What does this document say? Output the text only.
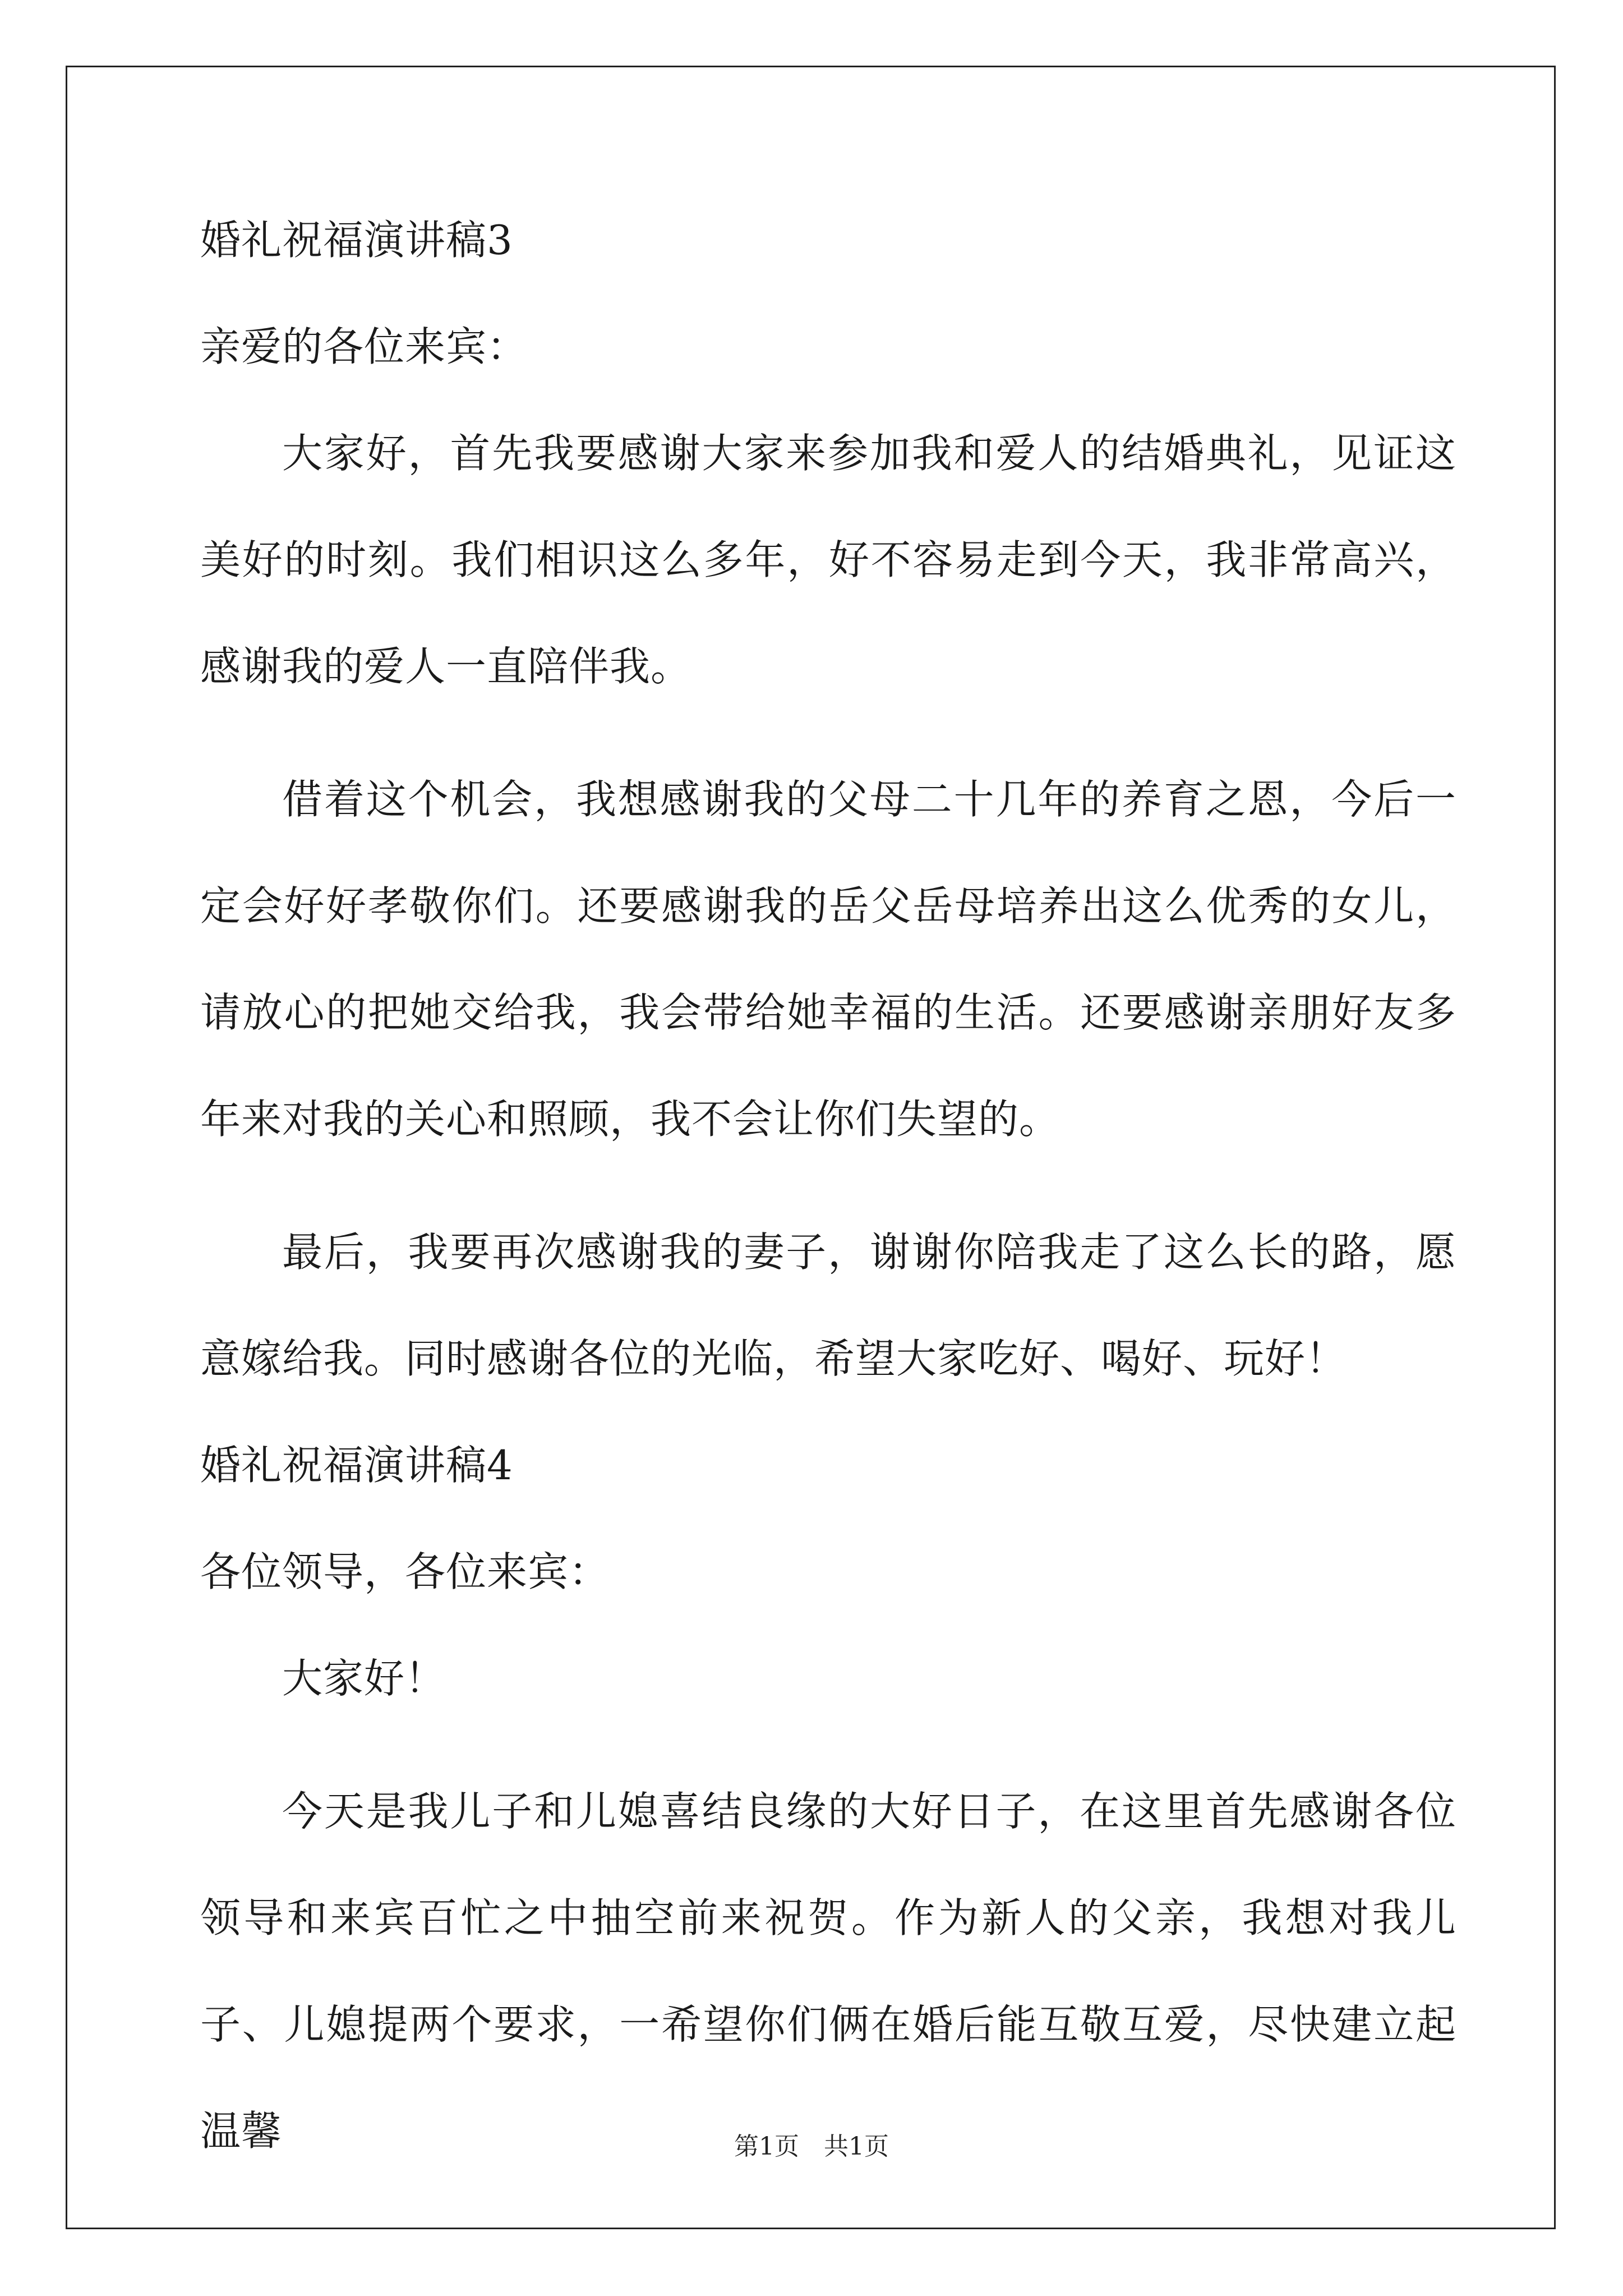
婚礼祝福演讲稿3

亲爱的各位来宾：

大家好，首先我要感谢大家来参加我和爱人的结婚典礼，见证这美好的时刻。我们相识这么多年，好不容易走到今天，我非常高兴，感谢我的爱人一直陪伴我。

借着这个机会，我想感谢我的父母二十几年的养育之恩，今后一定会好好孝敬你们。还要感谢我的岳父岳母培养出这么优秀的女儿，请放心的把她交给我，我会带给她幸福的生活。还要感谢亲朋好友多年来对我的关心和照顾，我不会让你们失望的。

最后，我要再次感谢我的妻子，谢谢你陪我走了这么长的路，愿意嫁给我。同时感谢各位的光临，希望大家吃好、喝好、玩好！

婚礼祝福演讲稿4

各位领导，各位来宾：

大家好！

今天是我儿子和儿媳喜结良缘的大好日子，在这里首先感谢各位领导和来宾百忙之中抽空前来祝贺。作为新人的父亲，我想对我儿子、儿媳提两个要求，一希望你们俩在婚后能互敬互爱，尽快建立起温馨	第1页　共1页
